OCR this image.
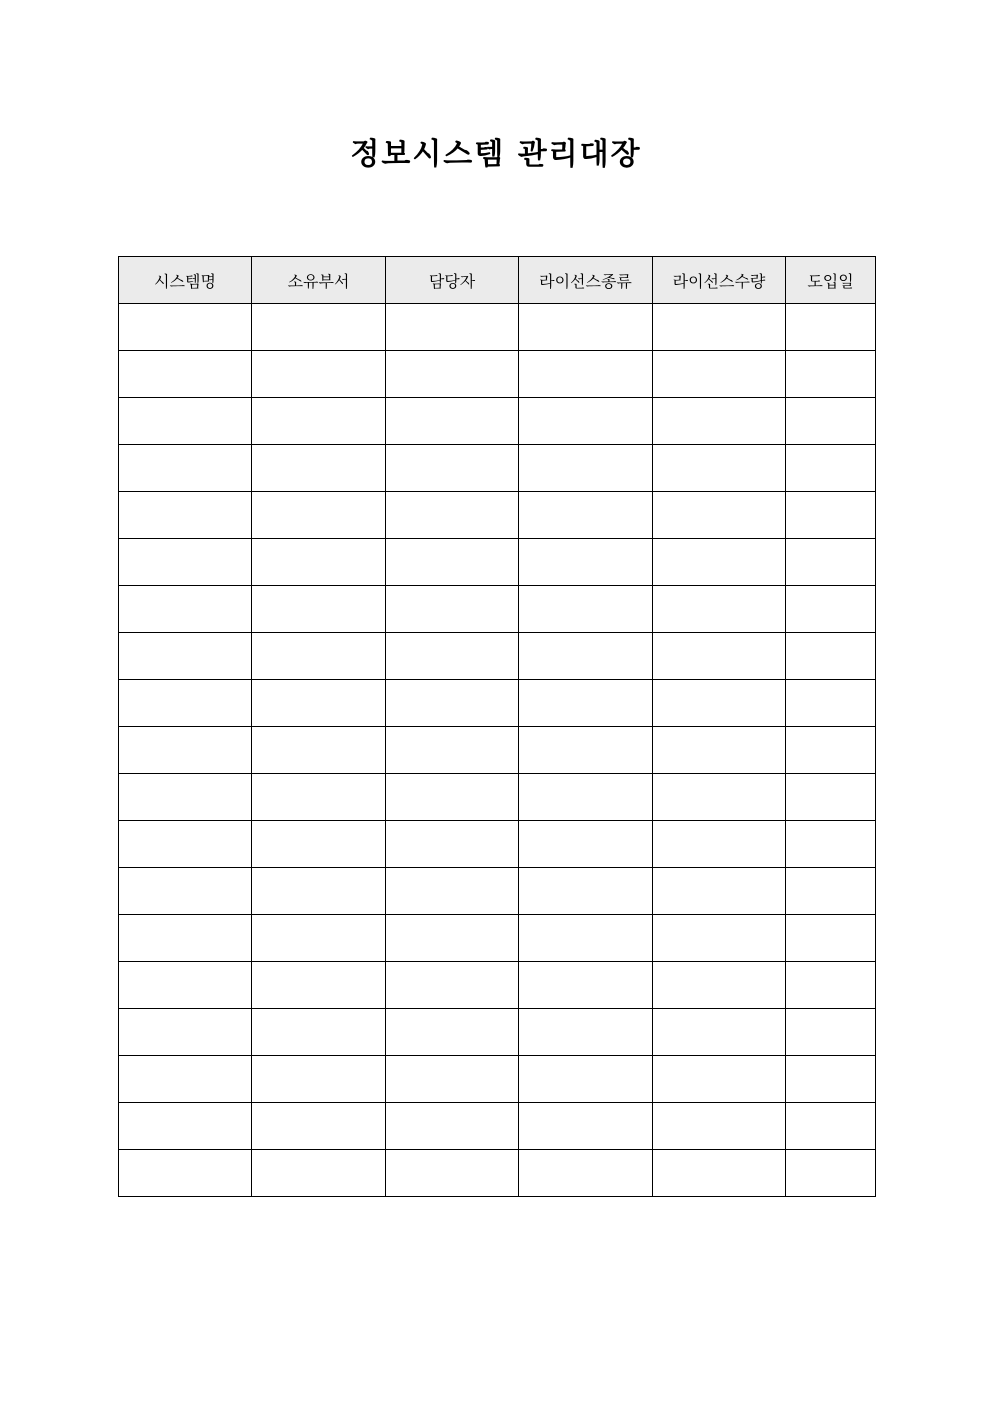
정보시스템 관리대장
시스템명	소유부서	담당자	라이선스종류	라이선스수량	도입일
